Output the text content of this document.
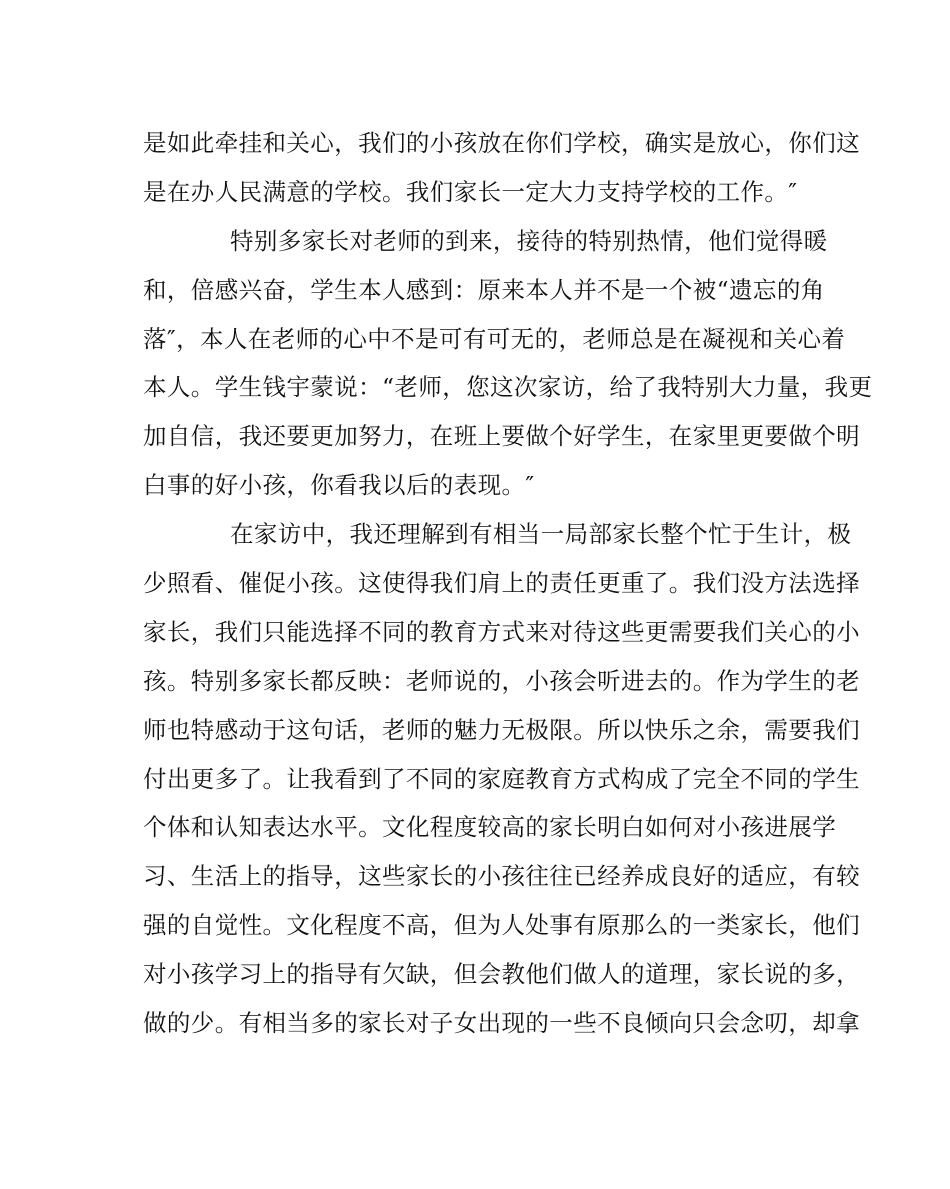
是如此牵挂和关心，我们的小孩放在你们学校，确实是放心，你们这
是在办人民满意的学校。我们家长一定大力支持学校的工作。″
特别多家长对老师的到来，接待的特别热情，他们觉得暖
和，倍感兴奋，学生本人感到：原来本人并不是一个被“遗忘的角
落″，本人在老师的心中不是可有可无的，老师总是在凝视和关心着
本人。学生钱宇蒙说：“老师，您这次家访，给了我特别大力量，我更
加自信，我还要更加努力，在班上要做个好学生，在家里更要做个明
白事的好小孩，你看我以后的表现。″
在家访中，我还理解到有相当一局部家长整个忙于生计，极
少照看、催促小孩。这使得我们肩上的责任更重了。我们没方法选择
家长，我们只能选择不同的教育方式来对待这些更需要我们关心的小
孩。特别多家长都反映：老师说的，小孩会听进去的。作为学生的老
师也特感动于这句话，老师的魅力无极限。所以快乐之余，需要我们
付出更多了。让我看到了不同的家庭教育方式构成了完全不同的学生
个体和认知表达水平。文化程度较高的家长明白如何对小孩进展学
习、生活上的指导，这些家长的小孩往往已经养成良好的适应，有较
强的自觉性。文化程度不高，但为人处事有原那么的一类家长，他们
对小孩学习上的指导有欠缺，但会教他们做人的道理，家长说的多，
做的少。有相当多的家长对子女出现的一些不良倾向只会念叨，却拿
